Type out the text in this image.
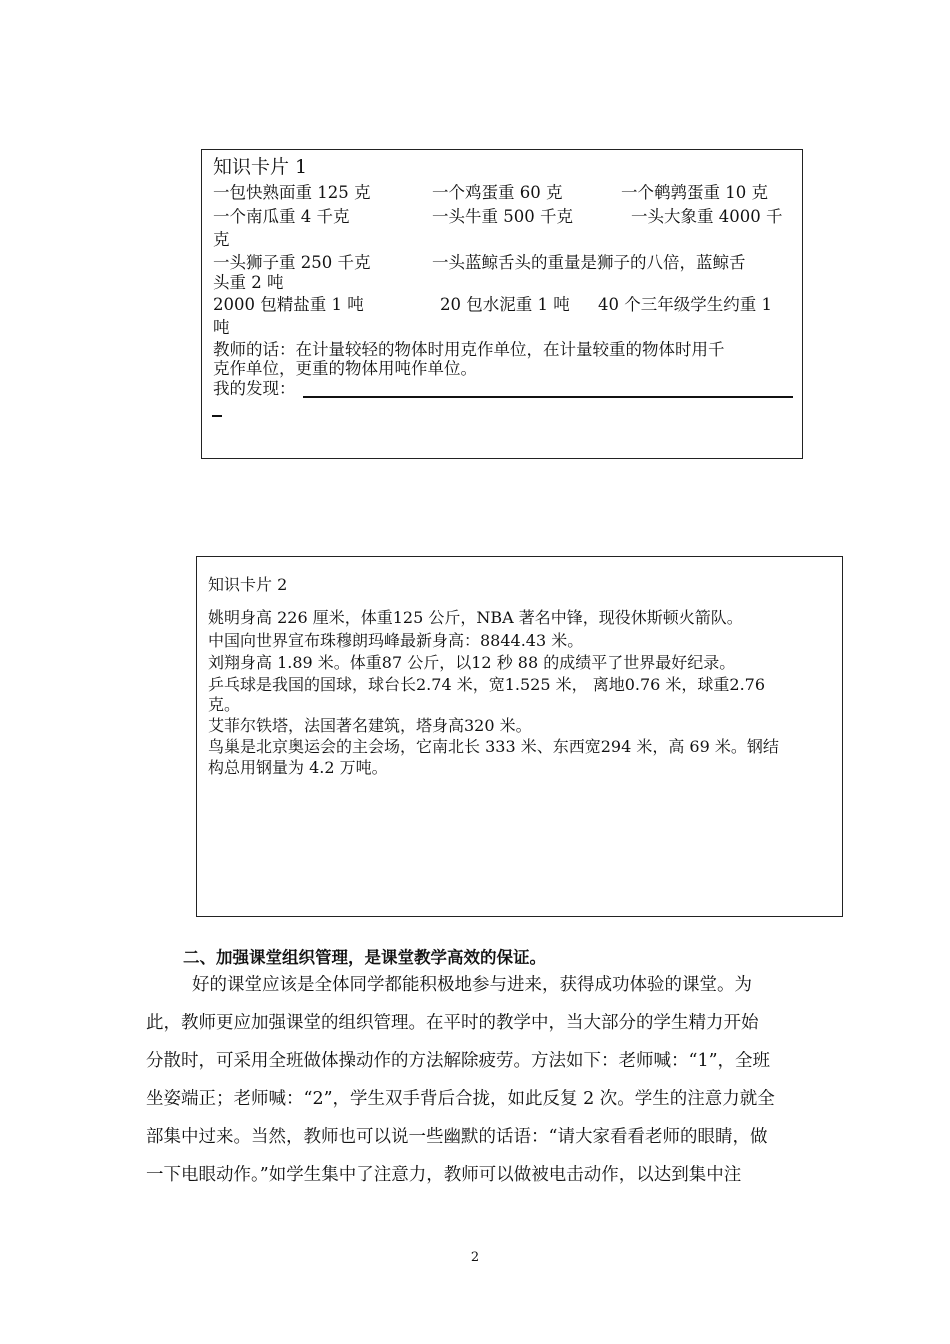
知识卡片 1
一包快熟面重 125 克	一个鸡蛋重 60 克	一个鹌鹑蛋重 10 克
一个南瓜重 4 千克	一头牛重 500 千克	一头大象重 4000 千
克
一头狮子重 250 千克	一头蓝鲸舌头的重量是狮子的八倍，蓝鲸舌
头重 2 吨
2000 包精盐重 1 吨	20 包水泥重 1 吨 40 个三年级学生约重 1
吨
教师的话：在计量较轻的物体时用克作单位，在计量较重的物体时用千
克作单位，更重的物体用吨作单位。
我的发现：
知识卡片 2
姚明身高 226 厘米，体重125 公斤，NBA 著名中锋，现役休斯顿火箭队。
中国向世界宣布珠穆朗玛峰最新身高：8844.43 米。
刘翔身高 1.89 米。体重87 公斤，以12 秒 88 的成绩平了世界最好纪录。
乒乓球是我国的国球，球台长2.74 米，宽1.525 米， 离地0.76 米，球重2.76
克。
艾菲尔铁塔，法国著名建筑，塔身高320 米。
鸟巢是北京奥运会的主会场，它南北长 333 米、东西宽294 米，高 69 米。钢结
构总用钢量为 4.2 万吨。
二、加强课堂组织管理，是课堂教学高效的保证。
好的课堂应该是全体同学都能积极地参与进来，获得成功体验的课堂。为
此，教师更应加强课堂的组织管理。在平时的教学中，当大部分的学生精力开始
分散时，可采用全班做体操动作的方法解除疲劳。方法如下：老师喊：“1”，全班
坐姿端正；老师喊：“2”，学生双手背后合拢，如此反复 2 次。学生的注意力就全
部集中过来。当然，教师也可以说一些幽默的话语：“请大家看看老师的眼睛，做
一下电眼动作。”如学生集中了注意力，教师可以做被电击动作，以达到集中注
2
